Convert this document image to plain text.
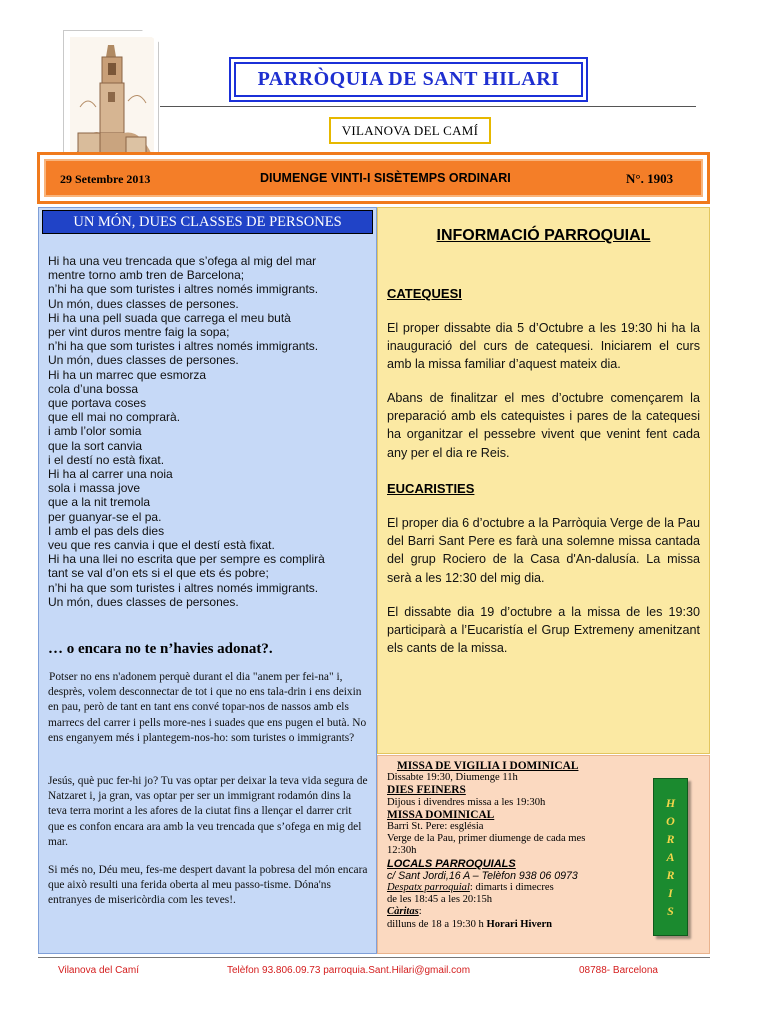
PARRÒQUIA DE SANT HILARI
VILANOVA DEL CAMÍ
29 Setembre 2013	DIUMENGE VINTI-I SISÈTEMPS ORDINARI	N°. 1903
UN MÓN, DUES CLASSES DE PERSONES
Hi ha una veu trencada que s’ofega al mig del mar
mentre torno amb tren de Barcelona;
n’hi ha que som turistes i altres només immigrants.
Un món, dues classes de persones.
Hi ha una pell suada que carrega el meu butà
per vint duros mentre faig la sopa;
n’hi ha que som turistes i altres només immigrants.
Un món, dues classes de persones.
Hi ha un marrec que esmorza
cola d’una bossa
que portava coses
que ell mai no comprarà.
i amb l’olor somia
que la sort canvia
i el destí no està fixat.
Hi ha al carrer una noia
sola i massa jove
que a la nit tremola
per guanyar-se el pa.
I amb el pas dels dies
veu que res canvia i que el destí està fixat.
Hi ha una llei no escrita que per sempre es complirà
tant se val d’on ets si el que ets és pobre;
n’hi ha que som turistes i altres només immigrants.
Un món, dues classes de persones.
… o encara no te n’havies adonat?.

Potser no ens n'adonem perquè durant el dia "anem per fei-na" i, desprès, volem desconnectar de tot i que no ens tala-drin i ens deixin en pau, però de tant en tant ens convé topar-nos de nassos amb els marrecs del carrer i pells more-nes i suades que ens pugen el butà. No ens enganyem més i plantegem-nos-ho: som turistes o immigrants?

Jesús, què puc fer-hi jo? Tu vas optar per deixar la teva vida segura de Natzaret i, ja gran, vas optar per ser un immigrant rodamón dins la teva terra morint a les afores de la ciutat fins a llençar el darrer crit que es confon encara ara amb la veu trencada que s’ofega en mig del mar.

Si més no, Déu meu, fes-me despert davant la pobresa del món encara que això resulti una ferida oberta al meu passo-tisme. Dóna'ns entranyes de misericòrdia com les teves!.

INFORMACIÓ PARROQUIAL
CATEQUESI

El proper dissabte dia 5 d’Octubre a les 19:30 hi ha la inauguració del curs de catequesi. Iniciarem el curs amb la missa familiar d’aquest mateix dia.

Abans de finalitzar el mes d’octubre començarem la preparació amb els catequistes i pares de la catequesi ha organitzar el pessebre vivent que venint fent cada any per el dia re Reis.

EUCARISTIES

El proper dia 6 d’octubre a la Parròquia Verge de la Pau del Barri Sant Pere es farà una solemne missa cantada del grup Rociero de la Casa d'An-dalusía. La missa serà a les 12:30 del mig dia.

El dissabte dia 19 d’octubre a la missa de les 19:30 participarà a l’Eucaristía el Grup Extremeny amenitzant els cants de la missa.

MISSA DE VIGILIA I DOMINICAL
Dissabte 19:30, Diumenge 11h
DIES FEINERS
Dijous i divendres missa a les 19:30h
MISSA DOMINICAL
Barri St. Pere: església
Verge de la Pau, primer diumenge de cada mes
12:30h
LOCALS PARROQUIALS
c/ Sant Jordi,16 A – Telèfon 938 06 0973
Despatx parroquial: dimarts i dimecres
de les 18:45 a les 20:15h
Càritas:
dilluns de 18 a 19:30 h Horari Hivern
H
O
R
A
R
I
S
Vilanova del Camí	Telèfon 93.806.09.73 parroquia.Sant.Hilari@gmail.com	08788- Barcelona
